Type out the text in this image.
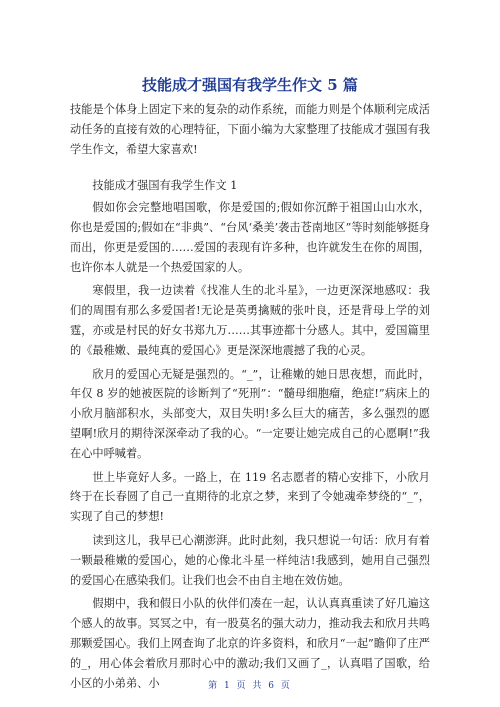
技能成才强国有我学生作文 5 篇

技能是个体身上固定下来的复杂的动作系统，而能力则是个体顺利完成活动任务的直接有效的心理特征，下面小编为大家整理了技能成才强国有我学生作文，希望大家喜欢!

技能成才强国有我学生作文 1

假如你会完整地唱国歌，你是爱国的;假如你沉醉于祖国山山水水，你也是爱国的;假如在“非典”、“台风‘桑美’袭击苍南地区”等时刻能够挺身而出，你更是爱国的……爱国的表现有许多种，也许就发生在你的周围，也许你本人就是一个热爱国家的人。

寒假里，我一边读着《找准人生的北斗星》，一边更深深地感叹：我们的周围有那么多爱国者!无论是英勇擒贼的张叶良，还是背母上学的刘霆，亦或是村民的好女书郑九万……其事迹都十分感人。其中，爱国篇里的《最稚嫩、最纯真的爱国心》更是深深地震撼了我的心灵。

欣月的爱国心无疑是强烈的。“_”，让稚嫩的她日思夜想，而此时，年仅 8 岁的她被医院的诊断判了“死刑”：“髓母细胞瘤，绝症!”病床上的小欣月脑部积水，头部变大，双目失明!多么巨大的痛苦，多么强烈的愿望啊!欣月的期待深深牵动了我的心。“一定要让她完成自己的心愿啊!”我在心中呼喊着。

世上毕竟好人多。一路上，在 119 名志愿者的精心安排下，小欣月终于在长春圆了自己一直期待的北京之梦，来到了令她魂牵梦绕的“_”，实现了自己的梦想!

读到这儿，我早已心潮澎湃。此时此刻，我只想说一句话：欣月有着一颗最稚嫩的爱国心，她的心像北斗星一样纯洁!我感到，她用自己强烈的爱国心在感染我们。让我们也会不由自主地在效仿她。

假期中，我和假日小队的伙伴们凑在一起，认认真真重读了好几遍这个感人的故事。冥冥之中，有一股莫名的强大动力，推动我去和欣月共鸣那颗爱国心。我们上网查询了北京的许多资料，和欣月“一起”瞻仰了庄严的_，用心体会着欣月那时心中的激动;我们又画了_，认真唱了国歌，给小区的小弟弟、小	第 1 页 共 6 页
